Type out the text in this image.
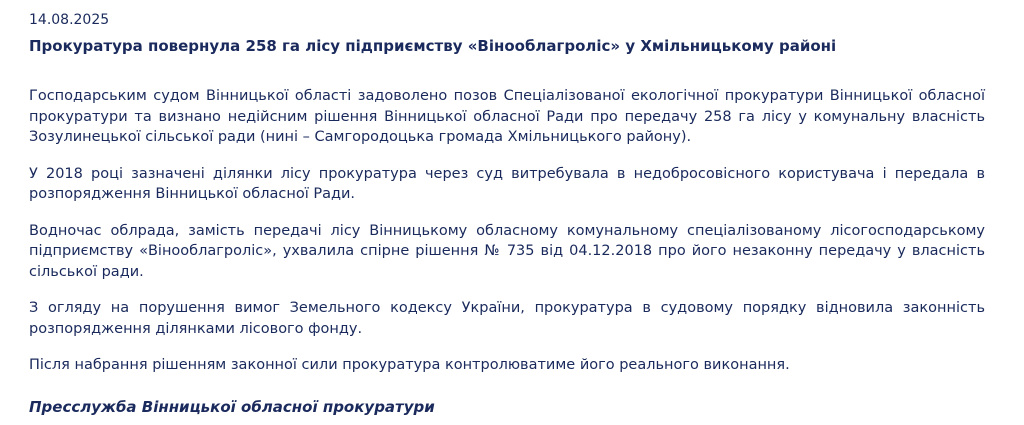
14.08.2025
Прокуратура повернула 258 га лісу підприємству «Вінооблагроліс» у Хмільницькому районі

Господарським судом Вінницької області задоволено позов Спеціалізованої екологічної прокуратури Вінницької обласної прокуратури та визнано недійсним рішення Вінницької обласної Ради про передачу 258 га лісу у комунальну власність Зозулинецької сільської ради (нині – Самгородоцька громада Хмільницького району).

У 2018 році зазначені ділянки лісу прокуратура через суд витребувала в недобросовісного користувача і передала в розпорядження Вінницької обласної Ради.

Водночас облрада, замість передачі лісу Вінницькому обласному комунальному спеціалізованому лісогосподарському підприємству «Вінооблагроліс», ухвалила спірне рішення № 735 від 04.12.2018 про його незаконну передачу у власність сільської ради.

З огляду на порушення вимог Земельного кодексу України, прокуратура в судовому порядку відновила законність розпорядження ділянками лісового фонду.

Після набрання рішенням законної сили прокуратура контролюватиме його реального виконання.

Пресслужба Вінницької обласної прокуратури
